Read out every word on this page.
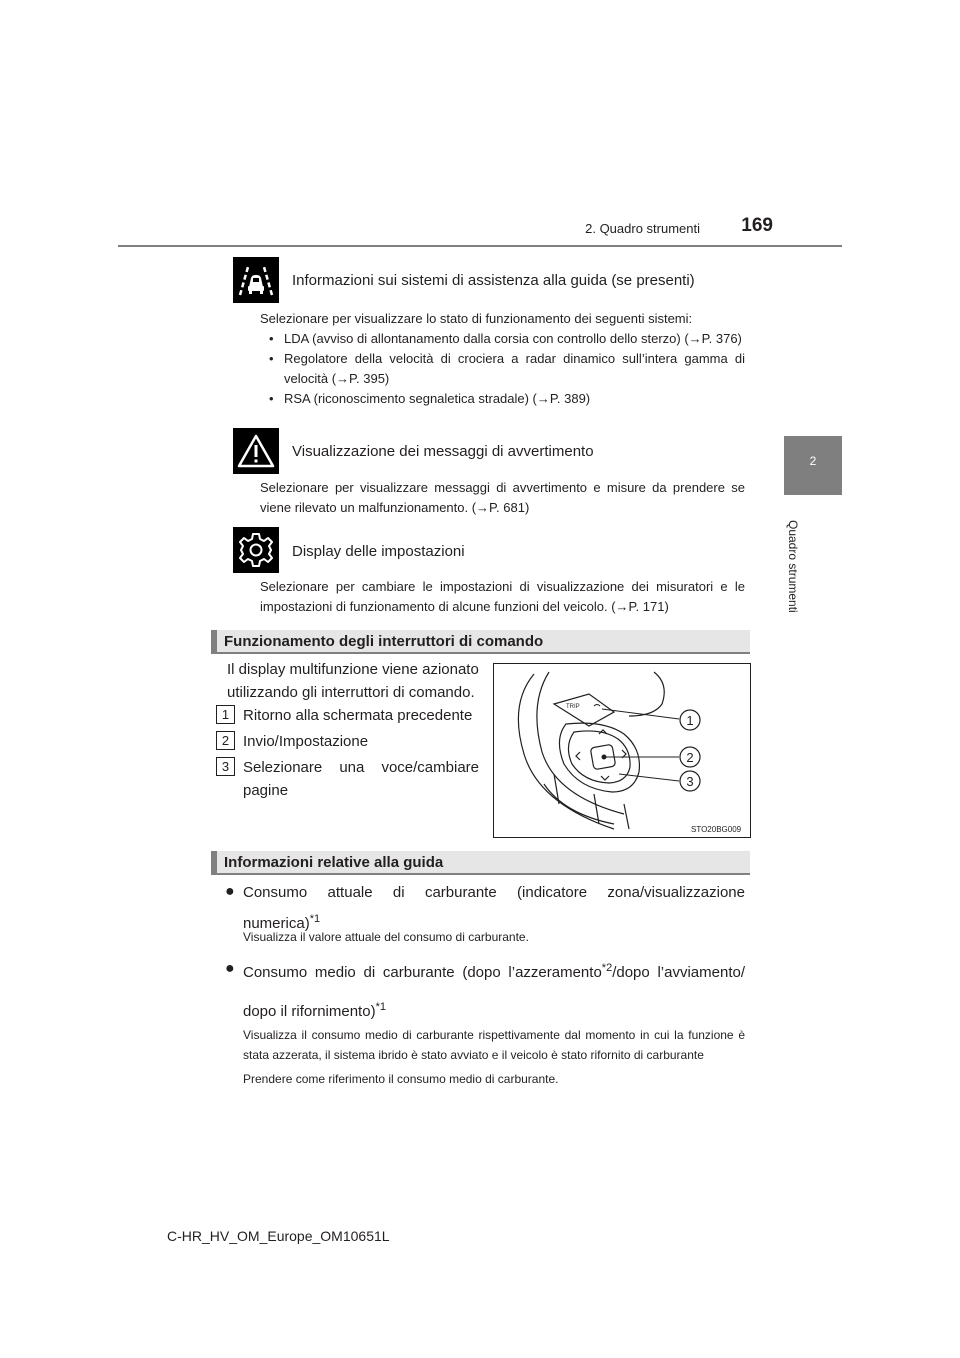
2. Quadro strumenti	169
2
Quadro strumenti
Informazioni sui sistemi di assistenza alla guida (se presenti)
Selezionare per visualizzare lo stato di funzionamento dei seguenti sistemi:
• LDA (avviso di allontanamento dalla corsia con controllo dello sterzo) (→P. 376)
• Regolatore della velocità di crociera a radar dinamico sull’intera gamma di velocità (→P. 395)
• RSA (riconoscimento segnaletica stradale) (→P. 389)
Visualizzazione dei messaggi di avvertimento
Selezionare per visualizzare messaggi di avvertimento e misure da prendere se viene rilevato un malfunzionamento. (→P. 681)
Display delle impostazioni
Selezionare per cambiare le impostazioni di visualizzazione dei misuratori e le impostazioni di funzionamento di alcune funzioni del veicolo. (→P. 171)
Funzionamento degli interruttori di comando
Il display multifunzione viene azionato utilizzando gli interruttori di comando.
1 Ritorno alla schermata precedente
2 Invio/Impostazione
3 Selezionare una voce/cambiare pagine
TRIP
1
2
3
STO20BG009
Informazioni relative alla guida
● Consumo attuale di carburante (indicatore zona/visualizzazione numerica)$^{*1}$
Visualizza il valore attuale del consumo di carburante.
● Consumo medio di carburante (dopo l’azzeramento$^{*2}$/dopo l’avviamento/ dopo il rifornimento)$^{*1}$
Visualizza il consumo medio di carburante rispettivamente dal momento in cui la funzione è stata azzerata, il sistema ibrido è stato avviato e il veicolo è stato rifornito di carburante
Prendere come riferimento il consumo medio di carburante.
C-HR_HV_OM_Europe_OM10651L
